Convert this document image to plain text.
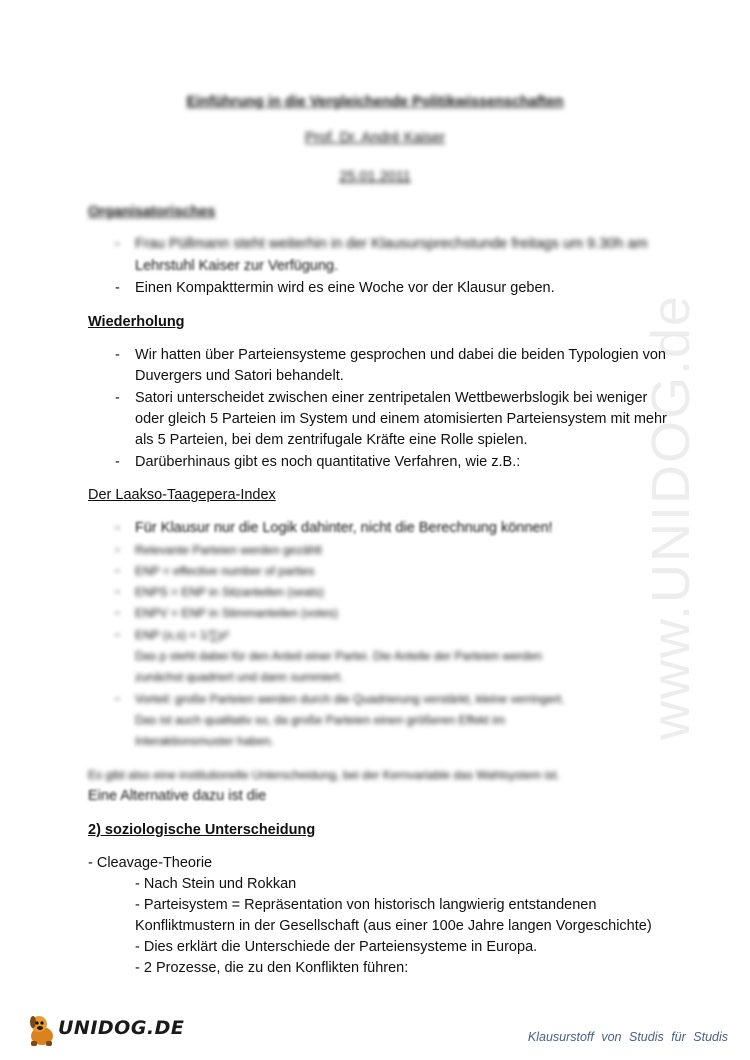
www.UNIDOG.de
Einführung in die Vergleichende Politikwissenschaften
Prof. Dr. André Kaiser
25.01.2011
Organisatorisches
- Frau Püllmann steht weiterhin in der Klausursprechstunde freitags um 9.30h am
Lehrstuhl Kaiser zur Verfügung.
- Einen Kompakttermin wird es eine Woche vor der Klausur geben.
Wiederholung
- Wir hatten über Parteiensysteme gesprochen und dabei die beiden Typologien von
Duvergers und Satori behandelt.
- Satori unterscheidet zwischen einer zentripetalen Wettbewerbslogik bei weniger
oder gleich 5 Parteien im System und einem atomisierten Parteiensystem mit mehr
als 5 Parteien, bei dem zentrifugale Kräfte eine Rolle spielen.
- Darüberhinaus gibt es noch quantitative Verfahren, wie z.B.:
Der Laakso-Taagepera-Index
- Für Klausur nur die Logik dahinter, nicht die Berechnung können!
- Relevante Parteien werden gezählt
- ENP = effective number of parties
- ENPS = ENP in Sitzanteilen (seats)
- ENPV = ENP in Stimmanteilen (votes)
- ENP (x,s) = 1/∑p²
Das p steht dabei für den Anteil einer Partei. Die Anteile der Parteien werden
zunächst quadriert und dann summiert.
- Vorteil: große Parteien werden durch die Quadrierung verstärkt, kleine verringert.
Das ist auch qualitativ so, da große Parteien einen größeren Effekt im
Interaktionsmuster haben.
Es gibt also eine institutionelle Unterscheidung, bei der Kernvariable das Wahlsystem ist.
Eine Alternative dazu ist die
2) soziologische Unterscheidung
- Cleavage-Theorie
- Nach Stein und Rokkan
- Parteisystem = Repräsentation von historisch langwierig entstandenen
Konfliktmustern in der Gesellschaft (aus einer 100e Jahre langen Vorgeschichte)
- Dies erklärt die Unterschiede der Parteiensysteme in Europa.
- 2 Prozesse, die zu den Konflikten führen:
UNIDOG.DE	Klausurstoff von Studis für Studis
